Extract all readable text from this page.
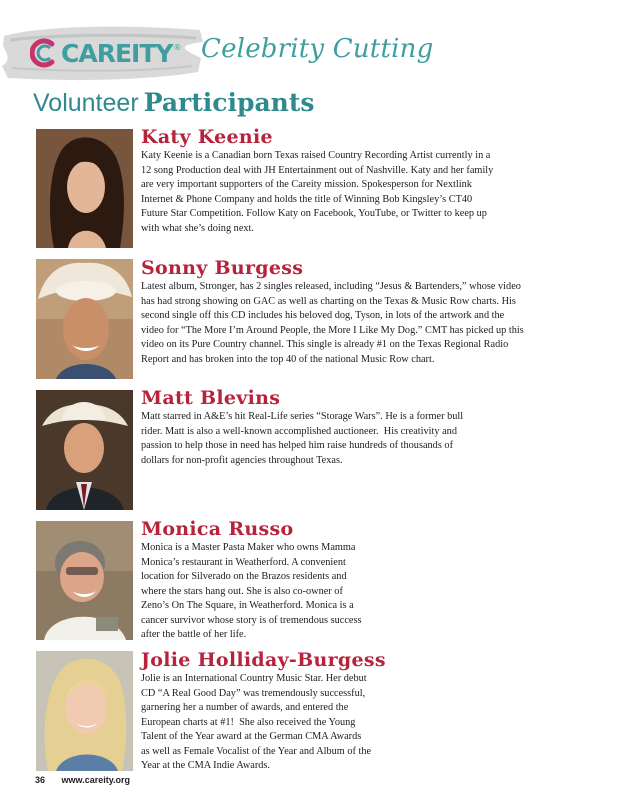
CAREITY ® Celebrity Cutting
Volunteer Participants
Katy Keenie
Katy Keenie is a Canadian born Texas raised Country Recording Artist currently in a
12 song Production deal with JH Entertainment out of Nashville. Katy and her family
are very important supporters of the Careity mission. Spokesperson for Nextlink
Internet & Phone Company and holds the title of Winning Bob Kingsley’s CT40
Future Star Competition. Follow Katy on Facebook, YouTube, or Twitter to keep up
with what she’s doing next.
Sonny Burgess
Latest album, Stronger, has 2 singles released, including “Jesus & Bartenders,” whose video
has had strong showing on GAC as well as charting on the Texas & Music Row charts. His
second single off this CD includes his beloved dog, Tyson, in lots of the artwork and the
video for “The More I’m Around People, the More I Like My Dog.” CMT has picked up this
video on its Pure Country channel. This single is already #1 on the Texas Regional Radio
Report and has broken into the top 40 of the national Music Row chart.
Matt Blevins
Matt starred in A&E’s hit Real-Life series “Storage Wars”. He is a former bull
rider. Matt is also a well-known accomplished auctioneer.  His creativity and
passion to help those in need has helped him raise hundreds of thousands of
dollars for non-profit agencies throughout Texas.
Monica Russo
Monica is a Master Pasta Maker who owns Mamma
Monica’s restaurant in Weatherford. A convenient
location for Silverado on the Brazos residents and
where the stars hang out. She is also co-owner of
Zeno’s On The Square, in Weatherford. Monica is a
cancer survivor whose story is of tremendous success
after the battle of her life.
Jolie Holliday-Burgess
Jolie is an International Country Music Star. Her debut
CD “A Real Good Day” was tremendously successful,
garnering her a number of awards, and entered the
European charts at #1!  She also received the Young
Talent of the Year award at the German CMA Awards
as well as Female Vocalist of the Year and Album of the
Year at the CMA Indie Awards.
36 www.careity.org
